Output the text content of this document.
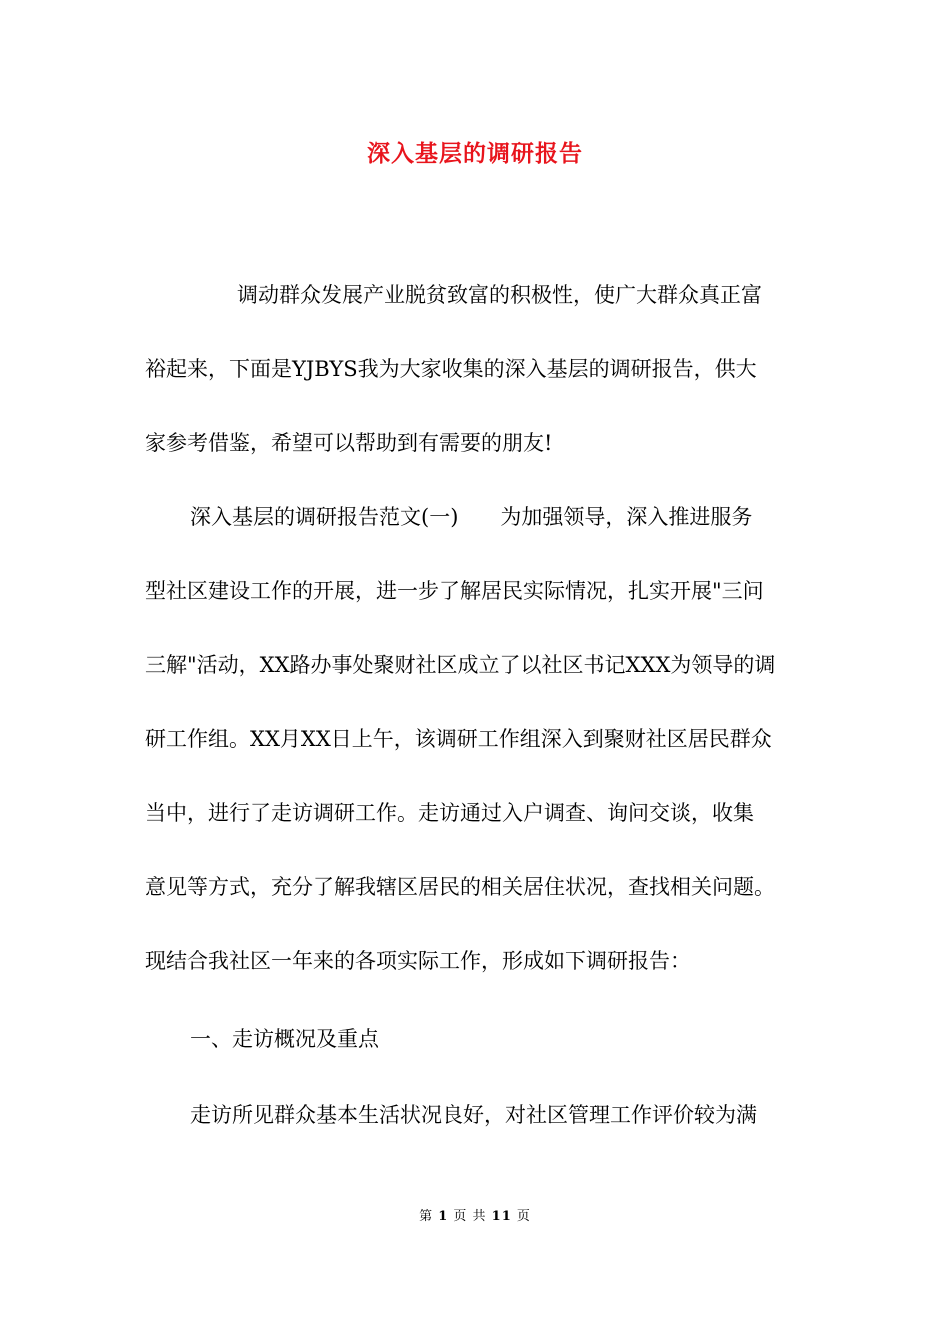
深入基层的调研报告

调动群众发展产业脱贫致富的积极性，使广大群众真正富

裕起来，下面是YJBYS我为大家收集的深入基层的调研报告，供大

家参考借鉴，希望可以帮助到有需要的朋友!

深入基层的调研报告范文(一)　　为加强领导，深入推进服务

型社区建设工作的开展，进一步了解居民实际情况，扎实开展"三问

三解"活动，XX路办事处聚财社区成立了以社区书记XXX为领导的调

研工作组。XX月XX日上午，该调研工作组深入到聚财社区居民群众

当中，进行了走访调研工作。走访通过入户调查、询问交谈，收集

意见等方式，充分了解我辖区居民的相关居住状况，查找相关问题。

现结合我社区一年来的各项实际工作，形成如下调研报告：

一、走访概况及重点

走访所见群众基本生活状况良好，对社区管理工作评价较为满

第 1 页 共 11 页
